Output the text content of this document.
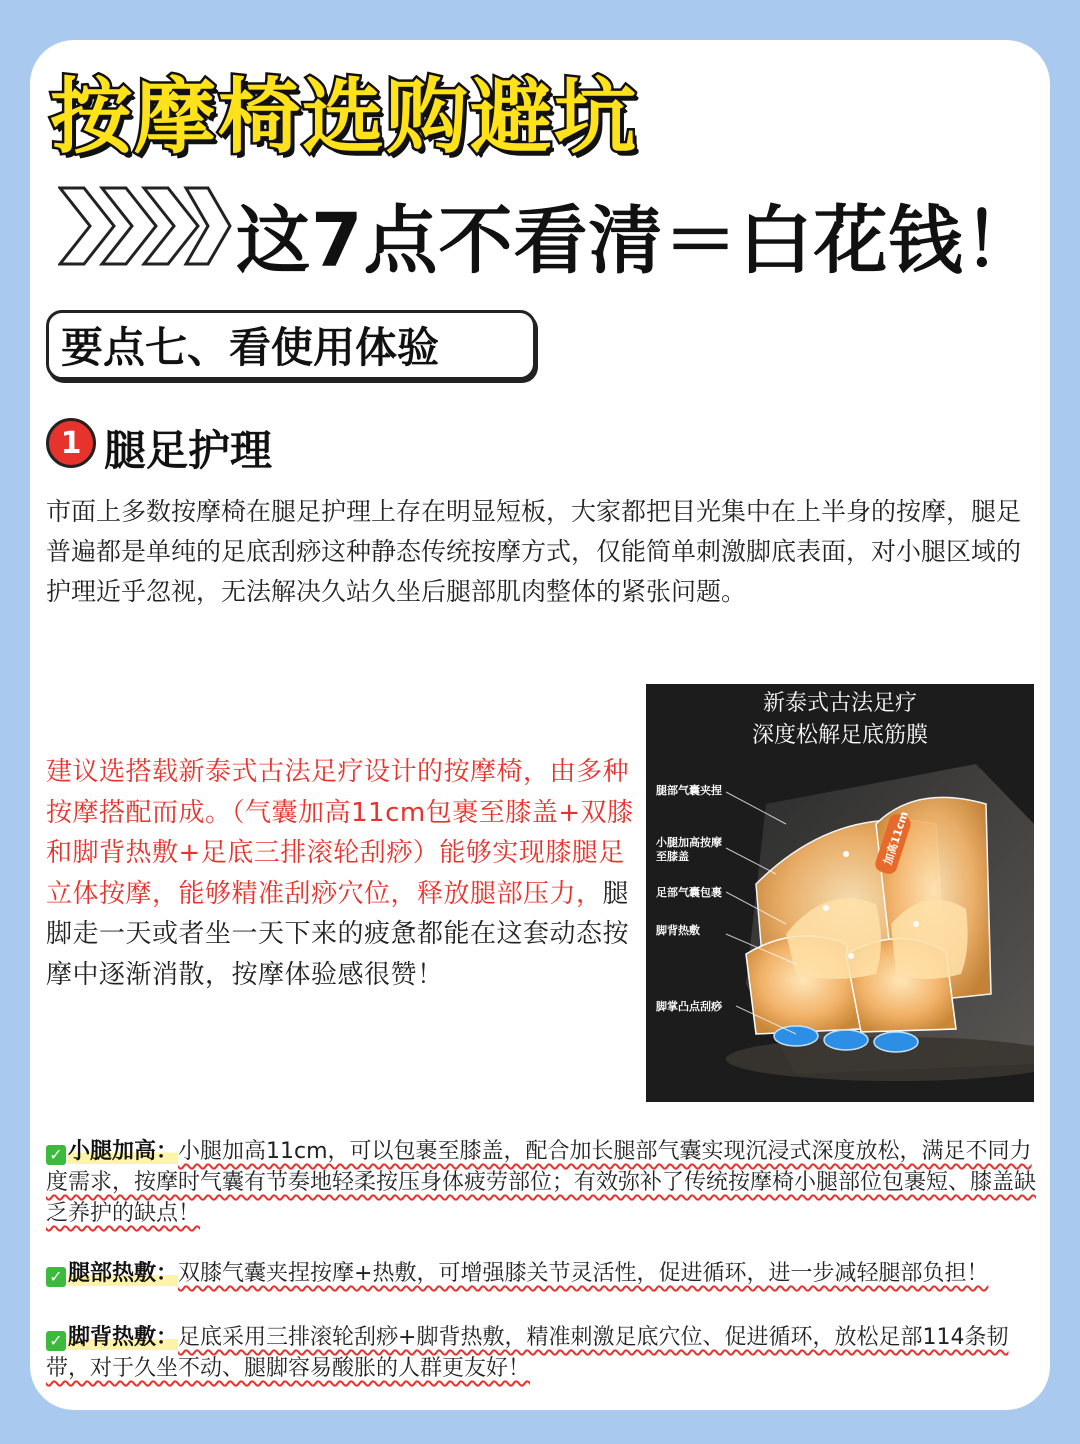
按摩椅选购避坑
这7点不看清＝白花钱！
要点七、看使用体验
1 腿足护理

市面上多数按摩椅在腿足护理上存在明显短板，大家都把目光集中在上半身的按摩，腿足普遍都是单纯的足底刮痧这种静态传统按摩方式，仅能简单刺激脚底表面，对小腿区域的护理近乎忽视，无法解决久站久坐后腿部肌肉整体的紧张问题。

建议选搭载新泰式古法足疗设计的按摩椅，由多种按摩搭配而成。（气囊加高11cm包裹至膝盖+双膝和脚背热敷+足底三排滚轮刮痧）能够实现膝腿足立体按摩，能够精准刮痧穴位，释放腿部压力，腿脚走一天或者坐一天下来的疲惫都能在这套动态按摩中逐渐消散，按摩体验感很赞！

新泰式古法足疗
深度松解足底筋膜
腿部气囊夹捏
小腿加高按摩
至膝盖
足部气囊包裹
脚背热敷
脚掌凸点刮痧
加高11cm

✓ 小腿加高：小腿加高11cm，可以包裹至膝盖，配合加长腿部气囊实现沉浸式深度放松，满足不同力度需求，按摩时气囊有节奏地轻柔按压身体疲劳部位；有效弥补了传统按摩椅小腿部位包裹短、膝盖缺乏养护的缺点！

✓ 腿部热敷：双膝气囊夹捏按摩+热敷，可增强膝关节灵活性，促进循环，进一步减轻腿部负担！

✓ 脚背热敷：足底采用三排滚轮刮痧+脚背热敷，精准刺激足底穴位、促进循环，放松足部114条韧带，对于久坐不动、腿脚容易酸胀的人群更友好！
